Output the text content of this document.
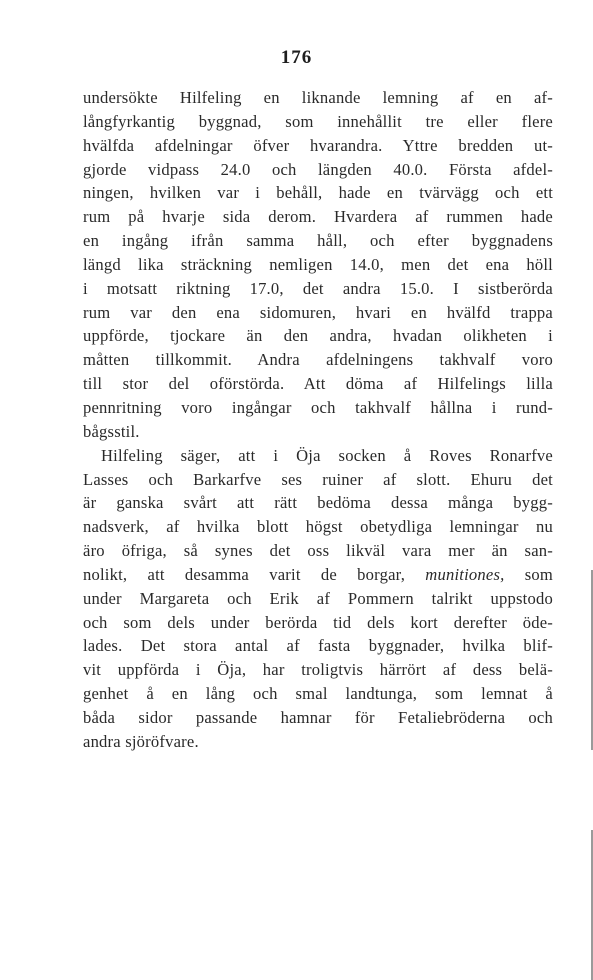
176
undersökte Hilfeling en liknande lemning af en af-
långfyrkantig byggnad, som innehållit tre eller flere
hvälfda afdelningar öfver hvarandra. Yttre bredden ut-
gjorde vidpass 24.0 och längden 40.0. Första afdel-
ningen, hvilken var i behåll, hade en tvärvägg och ett
rum på hvarje sida derom. Hvardera af rummen hade
en ingång ifrån samma håll, och efter byggnadens
längd lika sträckning nemligen 14.0, men det ena höll
i motsatt riktning 17.0, det andra 15.0. I sistberörda
rum var den ena sidomuren, hvari en hvälfd trappa
uppförde, tjockare än den andra, hvadan olikheten i
måtten tillkommit. Andra afdelningens takhvalf voro
till stor del oförstörda. Att döma af Hilfelings lilla
pennritning voro ingångar och takhvalf hållna i rund-
bågsstil.
Hilfeling säger, att i Öja socken å Roves Ronarfve
Lasses och Barkarfve ses ruiner af slott. Ehuru det
är ganska svårt att rätt bedöma dessa många bygg-
nadsverk, af hvilka blott högst obetydliga lemningar nu
äro öfriga, så synes det oss likväl vara mer än san-
nolikt, att desamma varit de borgar, munitiones, som
under Margareta och Erik af Pommern talrikt uppstodo
och som dels under berörda tid dels kort derefter öde-
lades. Det stora antal af fasta byggnader, hvilka blif-
vit uppförda i Öja, har troligtvis härrört af dess belä-
genhet å en lång och smal landtunga, som lemnat å
båda sidor passande hamnar för Fetaliebröderna och
andra sjöröfvare.
